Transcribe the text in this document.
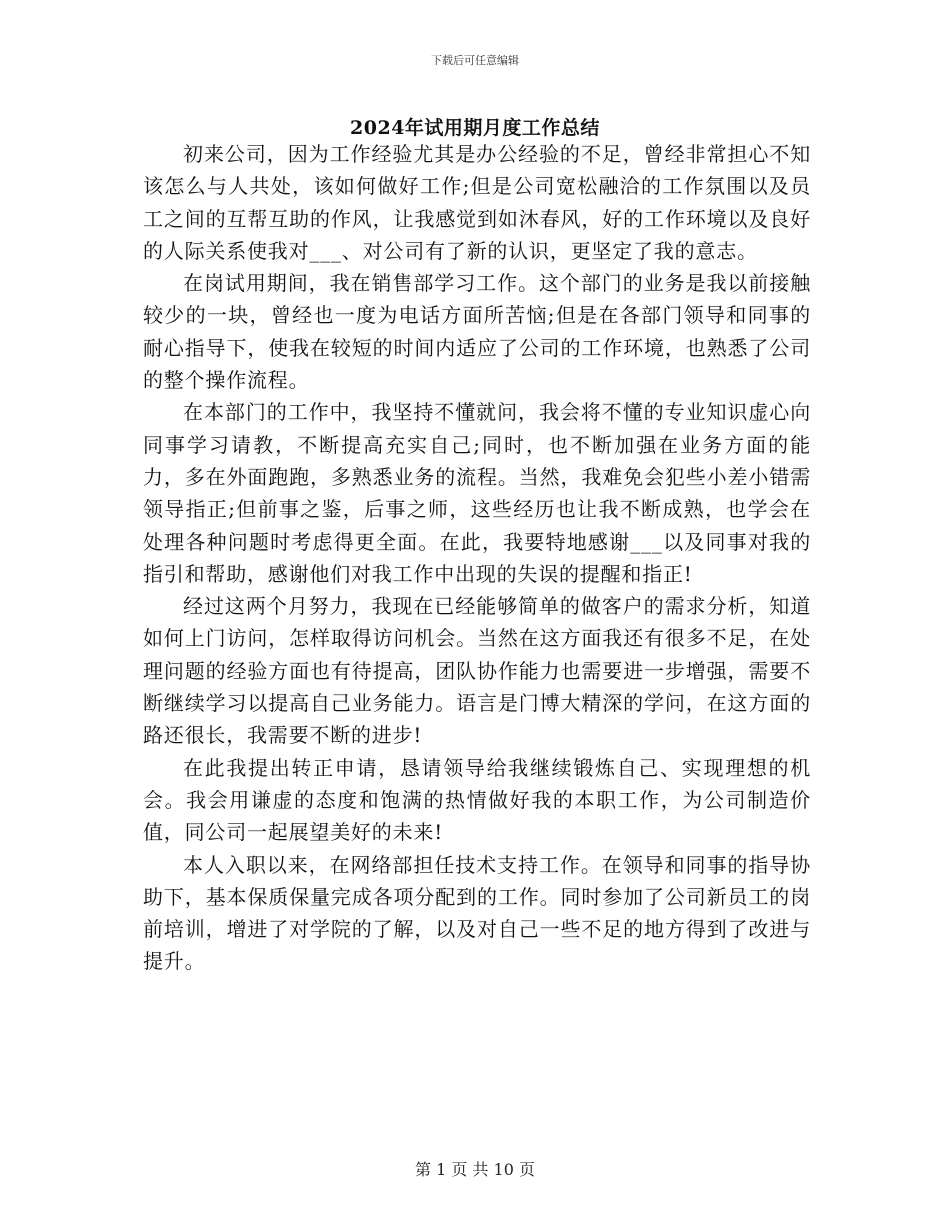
下载后可任意编辑
2024年试用期月度工作总结

初来公司，因为工作经验尤其是办公经验的不足，曾经非常担心不知该怎么与人共处，该如何做好工作;但是公司宽松融洽的工作氛围以及员工之间的互帮互助的作风，让我感觉到如沐春风，好的工作环境以及良好的人际关系使我对___、对公司有了新的认识，更坚定了我的意志。

在岗试用期间，我在销售部学习工作。这个部门的业务是我以前接触较少的一块，曾经也一度为电话方面所苦恼;但是在各部门领导和同事的耐心指导下，使我在较短的时间内适应了公司的工作环境，也熟悉了公司的整个操作流程。

在本部门的工作中，我坚持不懂就问，我会将不懂的专业知识虚心向同事学习请教，不断提高充实自己;同时，也不断加强在业务方面的能力，多在外面跑跑，多熟悉业务的流程。当然，我难免会犯些小差小错需领导指正;但前事之鉴，后事之师，这些经历也让我不断成熟，也学会在处理各种问题时考虑得更全面。在此，我要特地感谢___以及同事对我的指引和帮助，感谢他们对我工作中出现的失误的提醒和指正!

经过这两个月努力，我现在已经能够简单的做客户的需求分析，知道如何上门访问，怎样取得访问机会。当然在这方面我还有很多不足，在处理问题的经验方面也有待提高，团队协作能力也需要进一步增强，需要不断继续学习以提高自己业务能力。语言是门博大精深的学问，在这方面的路还很长，我需要不断的进步!

在此我提出转正申请，恳请领导给我继续锻炼自己、实现理想的机会。我会用谦虚的态度和饱满的热情做好我的本职工作，为公司制造价值，同公司一起展望美好的未来!

本人入职以来，在网络部担任技术支持工作。在领导和同事的指导协助下，基本保质保量完成各项分配到的工作。同时参加了公司新员工的岗前培训，增进了对学院的了解，以及对自己一些不足的地方得到了改进与提升。

第 1 页 共 10 页
